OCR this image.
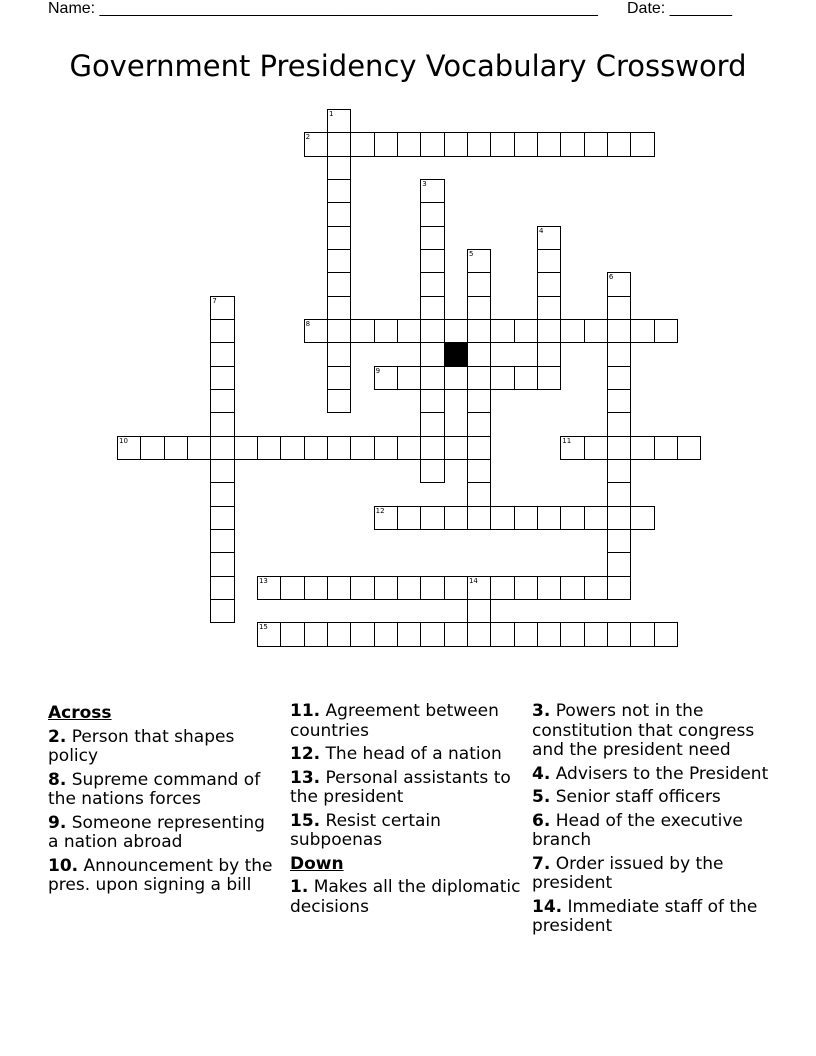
Name: ________________________________________________________ Date: _______
Government Presidency Vocabulary Crossword
1
2
3
4
5
6
7
8
9
10	11
12
13	14
15
Across
2. Person that shapes policy
8. Supreme command of the nations forces
9. Someone representing a nation abroad
10. Announcement by the pres. upon signing a bill
11. Agreement between countries
12. The head of a nation
13. Personal assistants to the president
15. Resist certain subpoenas
Down
1. Makes all the diplomatic decisions
3. Powers not in the constitution that congress and the president need
4. Advisers to the President
5. Senior staff officers
6. Head of the executive branch
7. Order issued by the president
14. Immediate staff of the president
